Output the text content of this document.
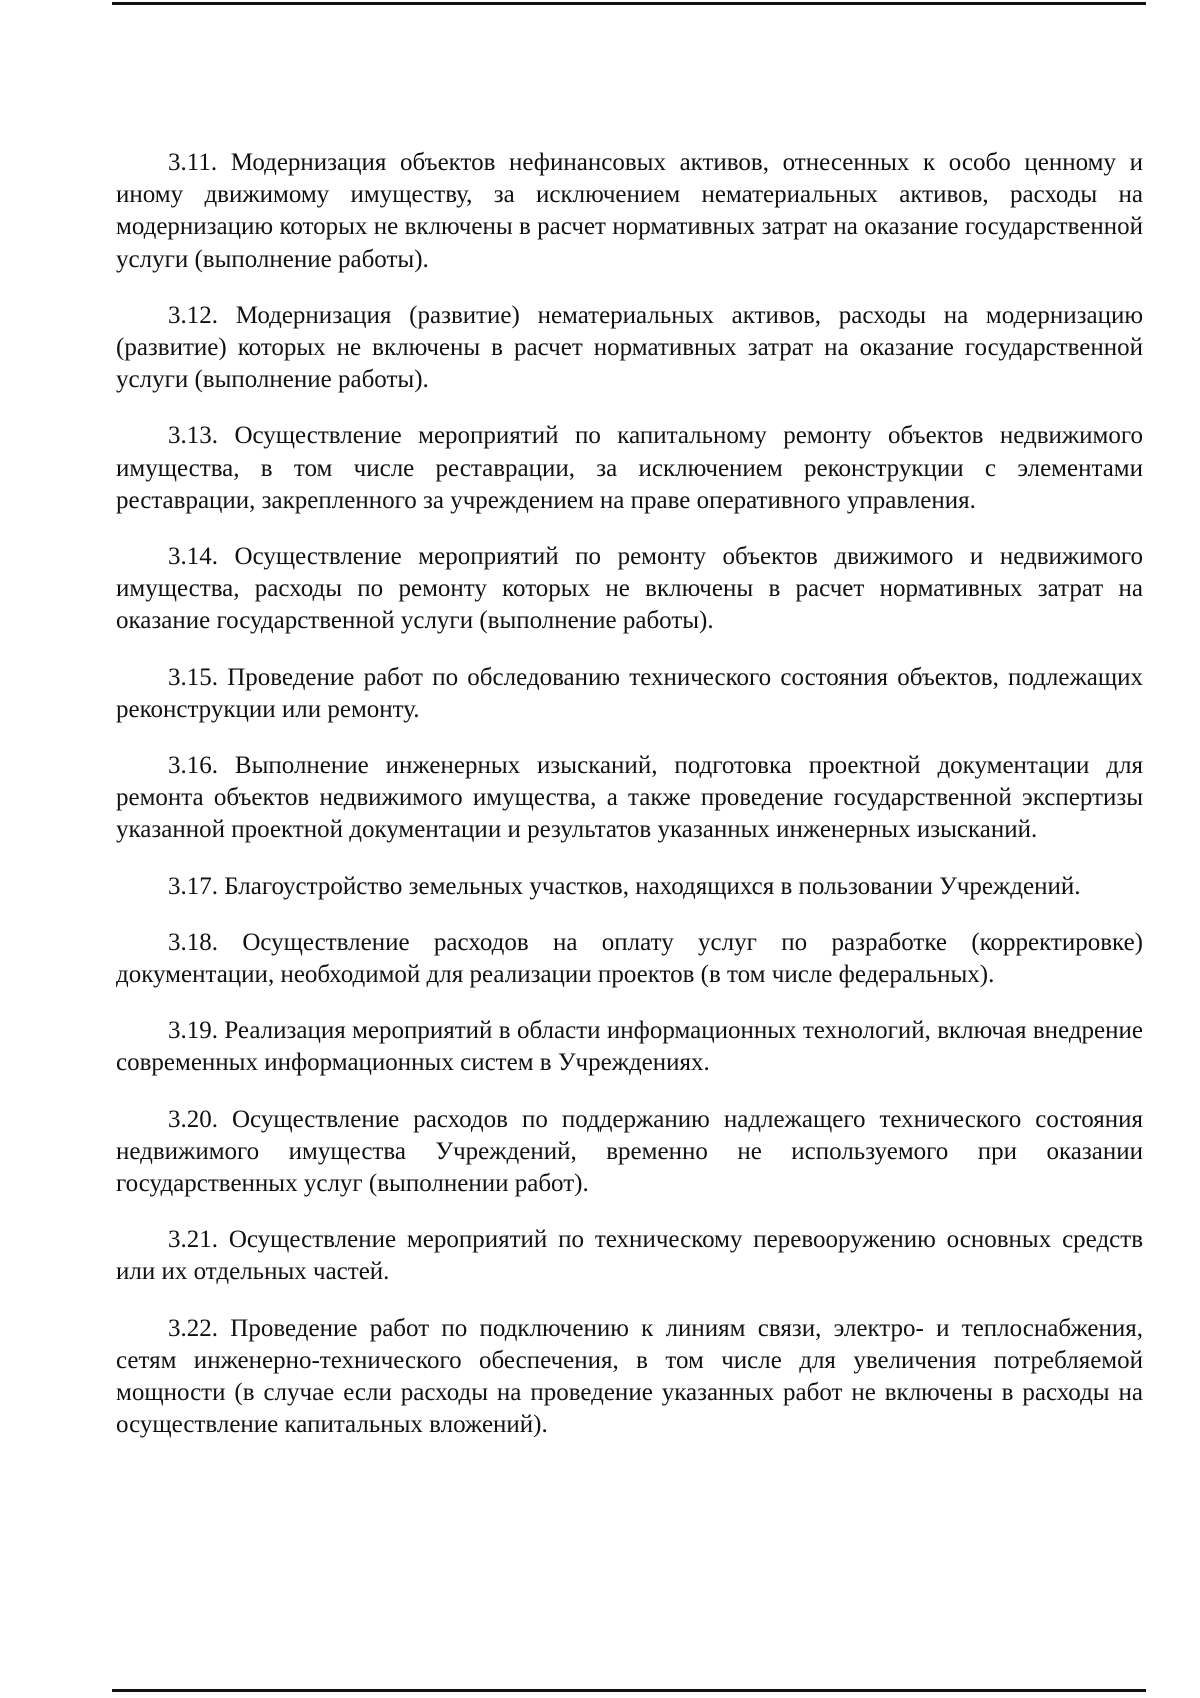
3.11. Модернизация объектов нефинансовых активов, отнесенных к особо ценному и иному движимому имуществу, за исключением нематериальных активов, расходы на модернизацию которых не включены в расчет нормативных затрат на оказание государственной услуги (выполнение работы).

3.12. Модернизация (развитие) нематериальных активов, расходы на модернизацию (развитие) которых не включены в расчет нормативных затрат на оказание государственной услуги (выполнение работы).

3.13. Осуществление мероприятий по капитальному ремонту объектов недвижимого имущества, в том числе реставрации, за исключением реконструкции с элементами реставрации, закрепленного за учреждением на праве оперативного управления.

3.14. Осуществление мероприятий по ремонту объектов движимого и недвижимого имущества, расходы по ремонту которых не включены в расчет нормативных затрат на оказание государственной услуги (выполнение работы).

3.15. Проведение работ по обследованию технического состояния объектов, подлежащих реконструкции или ремонту.

3.16. Выполнение инженерных изысканий, подготовка проектной документации для ремонта объектов недвижимого имущества, а также проведение государственной экспертизы указанной проектной документации и результатов указанных инженерных изысканий.

3.17. Благоустройство земельных участков, находящихся в пользовании Учреждений.

3.18. Осуществление расходов на оплату услуг по разработке (корректировке) документации, необходимой для реализации проектов (в том числе федеральных).

3.19. Реализация мероприятий в области информационных технологий, включая внедрение современных информационных систем в Учреждениях.

3.20. Осуществление расходов по поддержанию надлежащего технического состояния недвижимого имущества Учреждений, временно не используемого при оказании государственных услуг (выполнении работ).

3.21. Осуществление мероприятий по техническому перевооружению основных средств или их отдельных частей.

3.22. Проведение работ по подключению к линиям связи, электро- и теплоснабжения, сетям инженерно-технического обеспечения, в том числе для увеличения потребляемой мощности (в случае если расходы на проведение указанных работ не включены в расходы на осуществление капитальных вложений).
